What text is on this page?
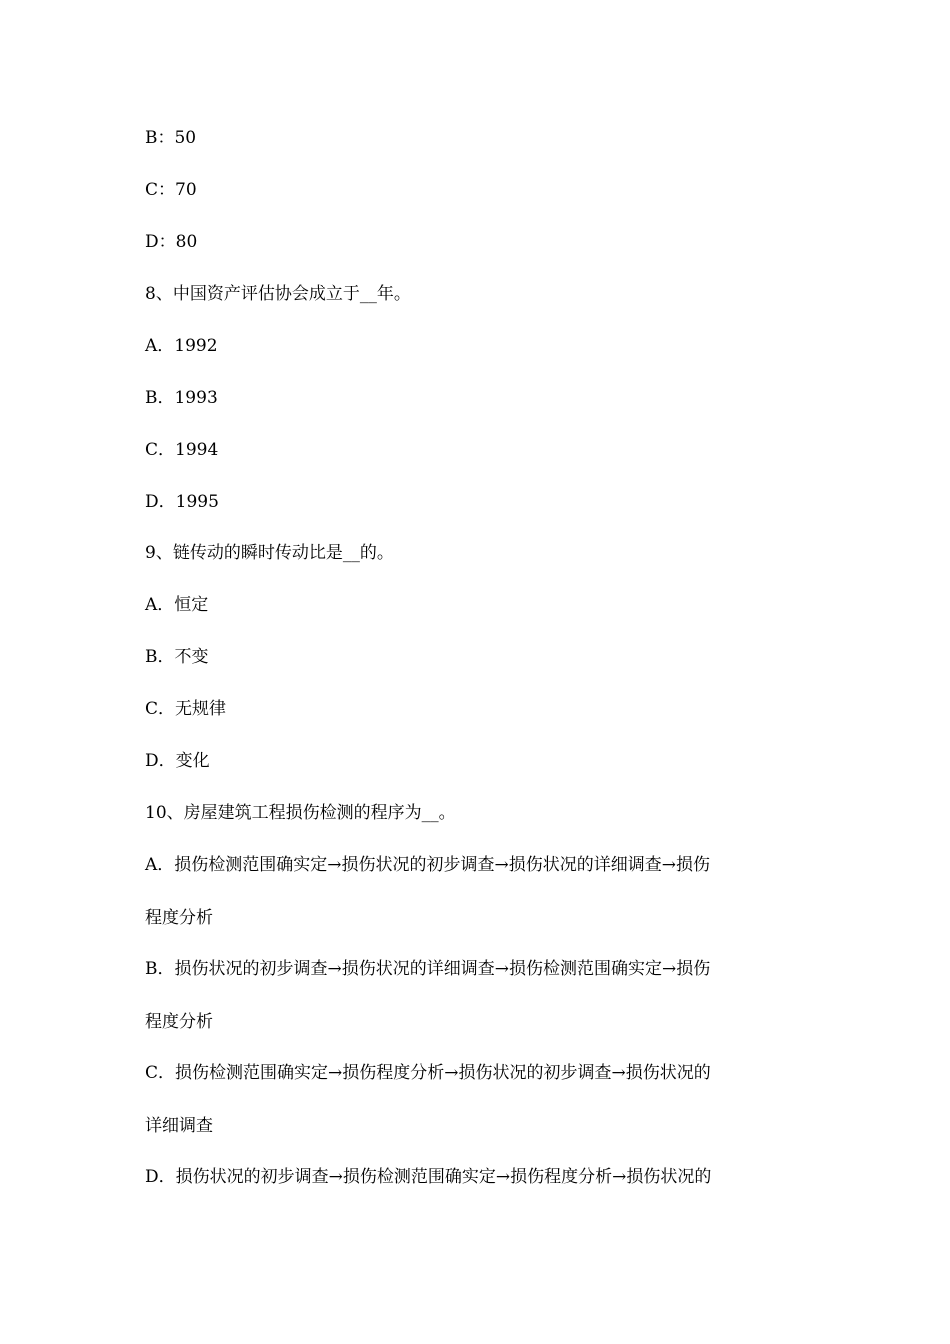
B：50
C：70
D：80
8、中国资产评估协会成立于__年。
A．1992
B．1993
C．1994
D．1995
9、链传动的瞬时传动比是__的。
A．恒定
B．不变
C．无规律
D．变化
10、房屋建筑工程损伤检测的程序为__。
A．损伤检测范围确实定→损伤状况的初步调查→损伤状况的详细调查→损伤
程度分析
B．损伤状况的初步调查→损伤状况的详细调查→损伤检测范围确实定→损伤
程度分析
C．损伤检测范围确实定→损伤程度分析→损伤状况的初步调查→损伤状况的
详细调查
D．损伤状况的初步调查→损伤检测范围确实定→损伤程度分析→损伤状况的
